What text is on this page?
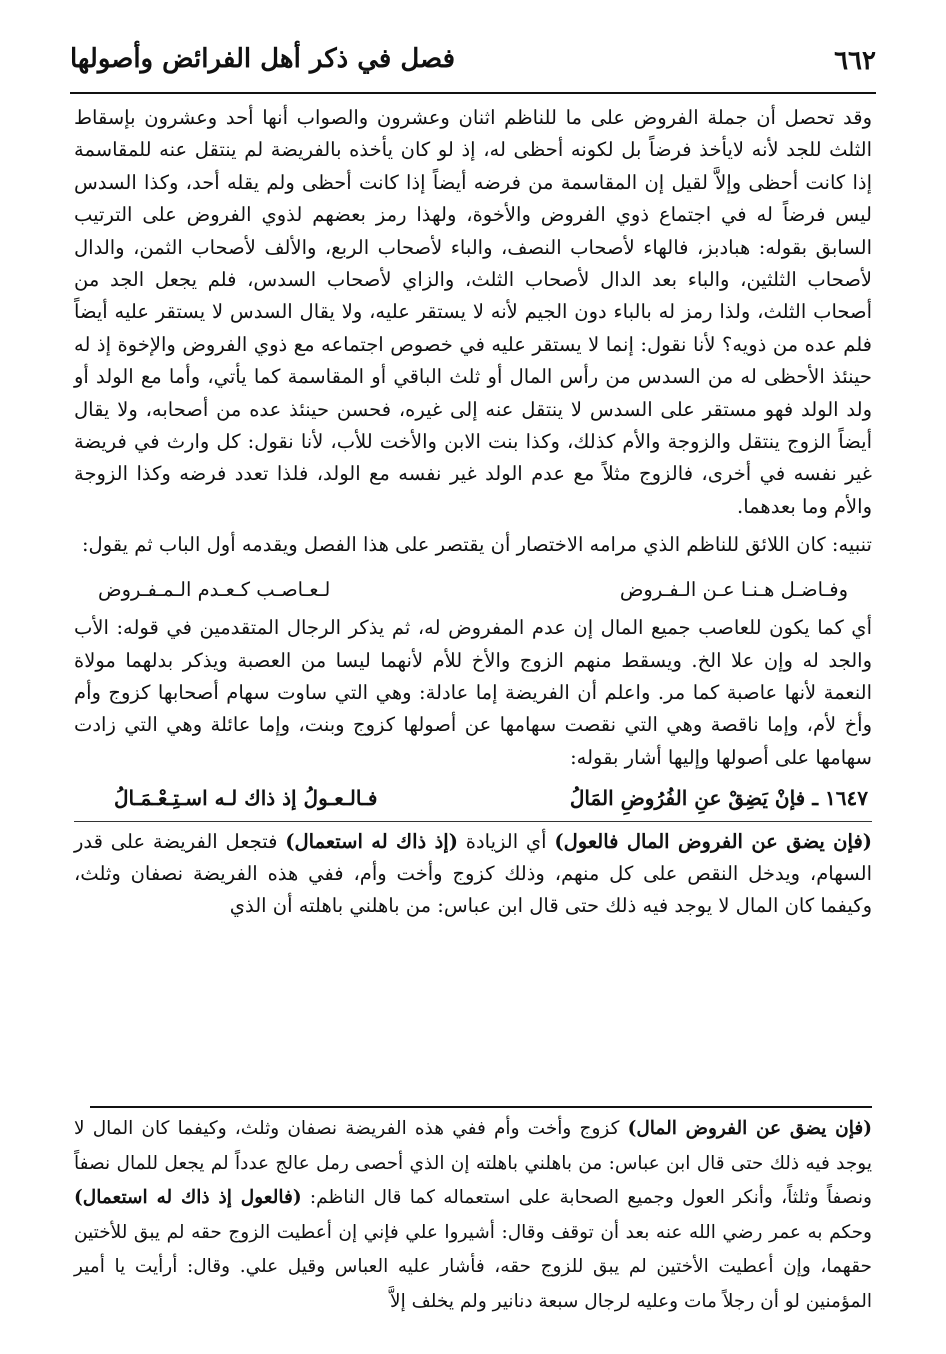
٦٦٢
فصل في ذكر أهل الفرائض وأصولها

وقد تحصل أن جملة الفروض على ما للناظم اثنان وعشرون والصواب أنها أحد وعشرون بإسقاط الثلث للجد لأنه لايأخذ فرضاً بل لكونه أحظى له، إذ لو كان يأخذه بالفريضة لم ينتقل عنه للمقاسمة إذا كانت أحظى وإلاَّ لقيل إن المقاسمة من فرضه أيضاً إذا كانت أحظى ولم يقله أحد، وكذا السدس ليس فرضاً له في اجتماع ذوي الفروض والأخوة، ولهذا رمز بعضهم لذوي الفروض على الترتيب السابق بقوله: هبادبز، فالهاء لأصحاب النصف، والباء لأصحاب الربع، والألف لأصحاب الثمن، والدال لأصحاب الثلثين، والباء بعد الدال لأصحاب الثلث، والزاي لأصحاب السدس، فلم يجعل الجد من أصحاب الثلث، ولذا رمز له بالباء دون الجيم لأنه لا يستقر عليه، ولا يقال السدس لا يستقر عليه أيضاً فلم عده من ذويه؟ لأنا نقول: إنما لا يستقر عليه في خصوص اجتماعه مع ذوي الفروض والإخوة إذ له حينئذ الأحظى له من السدس من رأس المال أو ثلث الباقي أو المقاسمة كما يأتي، وأما مع الولد أو ولد الولد فهو مستقر على السدس لا ينتقل عنه إلى غيره، فحسن حينئذ عده من أصحابه، ولا يقال أيضاً الزوج ينتقل والزوجة والأم كذلك، وكذا بنت الابن والأخت للأب، لأنا نقول: كل وارث في فريضة غير نفسه في أخرى، فالزوج مثلاً مع عدم الولد غير نفسه مع الولد، فلذا تعدد فرضه وكذا الزوجة والأم وما بعدهما.

تنبيه: كان اللائق للناظم الذي مرامه الاختصار أن يقتصر على هذا الفصل ويقدمه أول الباب ثم يقول:

وفـاضـل هـنـا عـن الـفـروض
لـعـاصـب كـعـدم الـمـفـروض

أي كما يكون للعاصب جميع المال إن عدم المفروض له، ثم يذكر الرجال المتقدمين في قوله: الأب والجد له وإن علا الخ. ويسقط منهم الزوج والأخ للأم لأنهما ليسا من العصبة ويذكر بدلهما مولاة النعمة لأنها عاصبة كما مر. واعلم أن الفريضة إما عادلة: وهي التي ساوت سهام أصحابها كزوج وأم وأخ لأم، وإما ناقصة وهي التي نقصت سهامها عن أصولها كزوج وبنت، وإما عائلة وهي التي زادت سهامها على أصولها وإليها أشار بقوله:

١٦٤٧ ـ فإنْ يَضِقْ عنِ الفُرُوضِ المَالُ
فـالـعـولُ إذ ذاك لـه اسـتِـعْـمَـالُ

(فإن يضق عن الفروض المال فالعول) أي الزيادة (إذ ذاك له استعمال) فتجعل الفريضة على قدر السهام، ويدخل النقص على كل منهم، وذلك كزوج وأخت وأم، ففي هذه الفريضة نصفان وثلث، وكيفما كان المال لا يوجد فيه ذلك حتى قال ابن عباس: من باهلني باهلته أن الذي

(فإن يضق عن الفروض المال) كزوج وأخت وأم ففي هذه الفريضة نصفان وثلث، وكيفما كان المال لا يوجد فيه ذلك حتى قال ابن عباس: من باهلني باهلته إن الذي أحصى رمل عالج عدداً لم يجعل للمال نصفاً ونصفاً وثلثاً، وأنكر العول وجميع الصحابة على استعماله كما قال الناظم: (فالعول إذ ذاك له استعمال) وحكم به عمر رضي الله عنه بعد أن توقف وقال: أشيروا علي فإني إن أعطيت الزوج حقه لم يبق للأختين حقهما، وإن أعطيت الأختين لم يبق للزوج حقه، فأشار عليه العباس وقيل علي. وقال: أرأيت يا أمير المؤمنين لو أن رجلاً مات وعليه لرجال سبعة دنانير ولم يخلف إلاَّ
